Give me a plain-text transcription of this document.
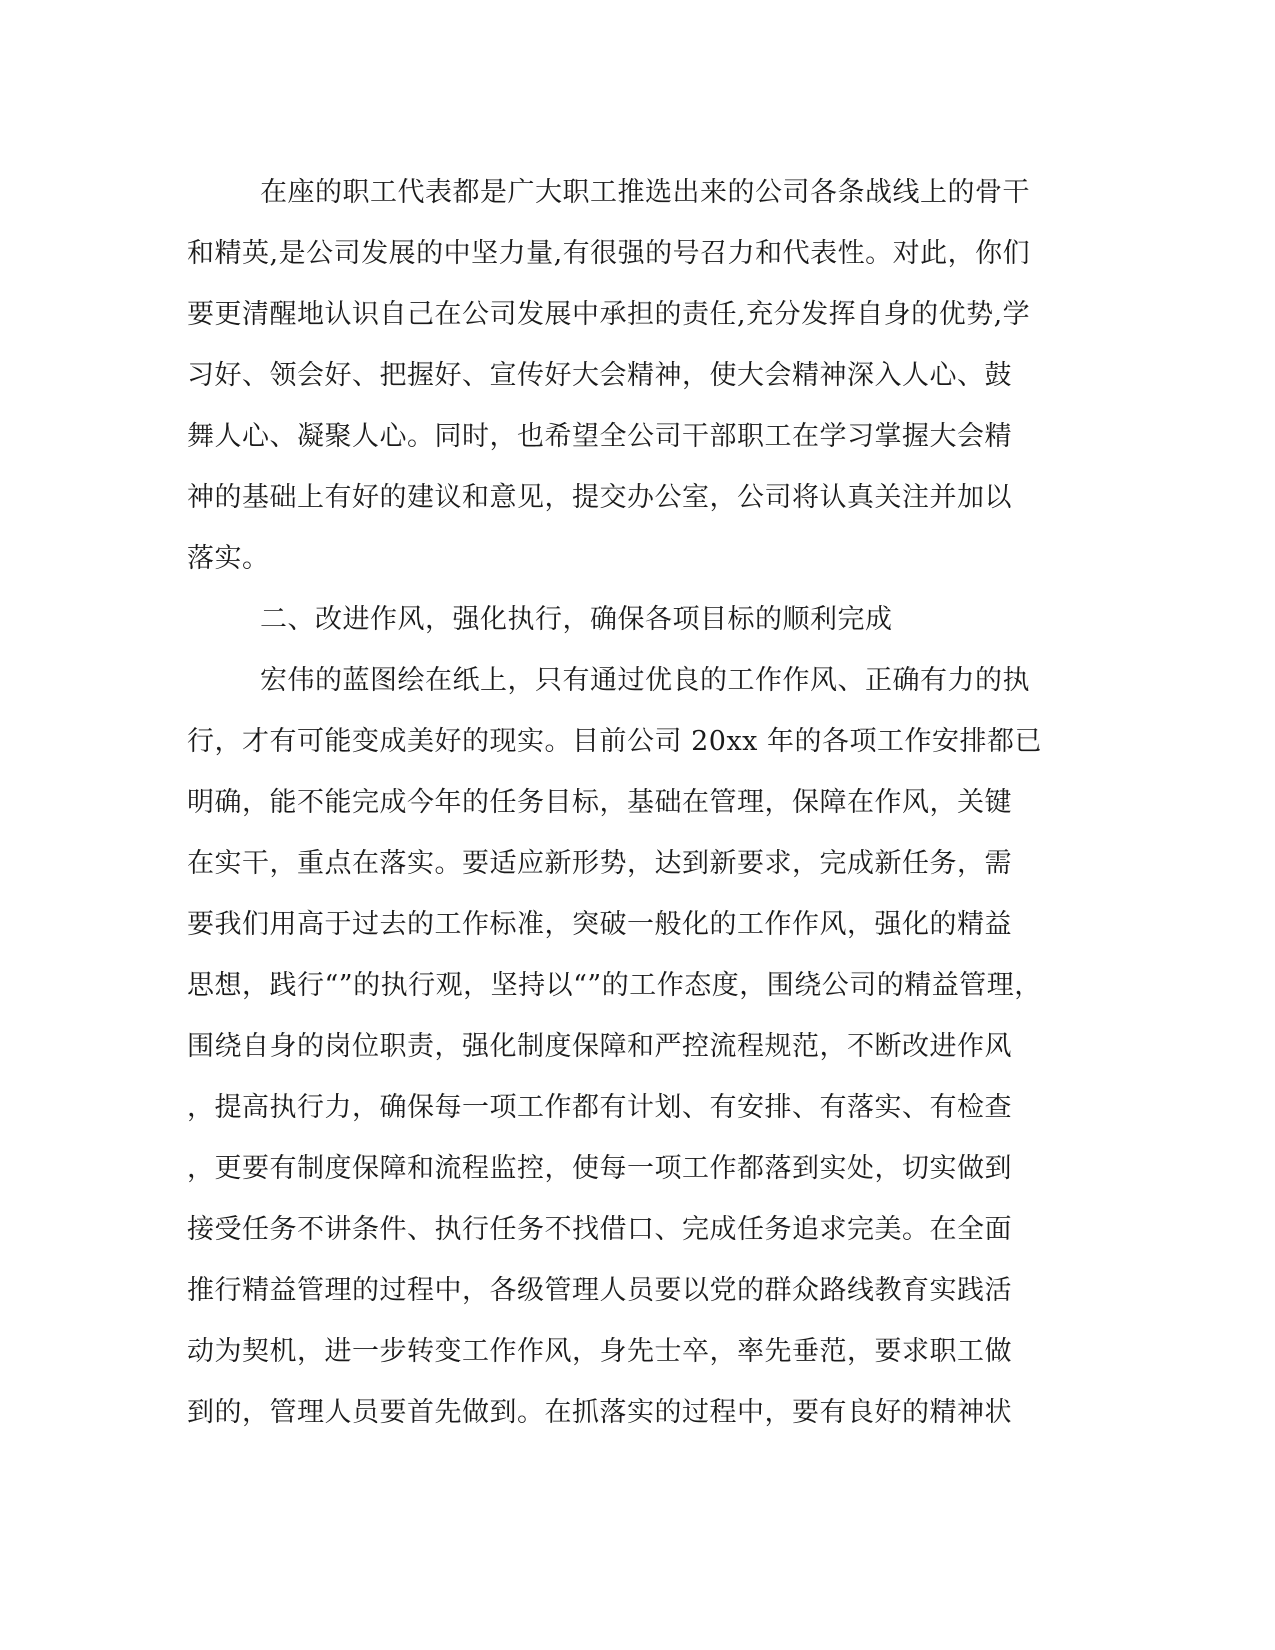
在座的职工代表都是广大职工推选出来的公司各条战线上的骨干
和精英,是公司发展的中坚力量,有很强的号召力和代表性。对此，你们
要更清醒地认识自己在公司发展中承担的责任,充分发挥自身的优势,学
习好、领会好、把握好、宣传好大会精神，使大会精神深入人心、鼓
舞人心、凝聚人心。同时，也希望全公司干部职工在学习掌握大会精
神的基础上有好的建议和意见，提交办公室，公司将认真关注并加以
落实。
二、改进作风，强化执行，确保各项目标的顺利完成
宏伟的蓝图绘在纸上，只有通过优良的工作作风、正确有力的执
行，才有可能变成美好的现实。目前公司 20xx 年的各项工作安排都已
明确，能不能完成今年的任务目标，基础在管理，保障在作风，关键
在实干，重点在落实。要适应新形势，达到新要求，完成新任务，需
要我们用高于过去的工作标准，突破一般化的工作作风，强化的精益
思想，践行“”的执行观，坚持以“”的工作态度，围绕公司的精益管理，
围绕自身的岗位职责，强化制度保障和严控流程规范，不断改进作风
，提高执行力，确保每一项工作都有计划、有安排、有落实、有检查
，更要有制度保障和流程监控，使每一项工作都落到实处，切实做到
接受任务不讲条件、执行任务不找借口、完成任务追求完美。在全面
推行精益管理的过程中，各级管理人员要以党的群众路线教育实践活
动为契机，进一步转变工作作风，身先士卒，率先垂范，要求职工做
到的，管理人员要首先做到。在抓落实的过程中，要有良好的精神状
